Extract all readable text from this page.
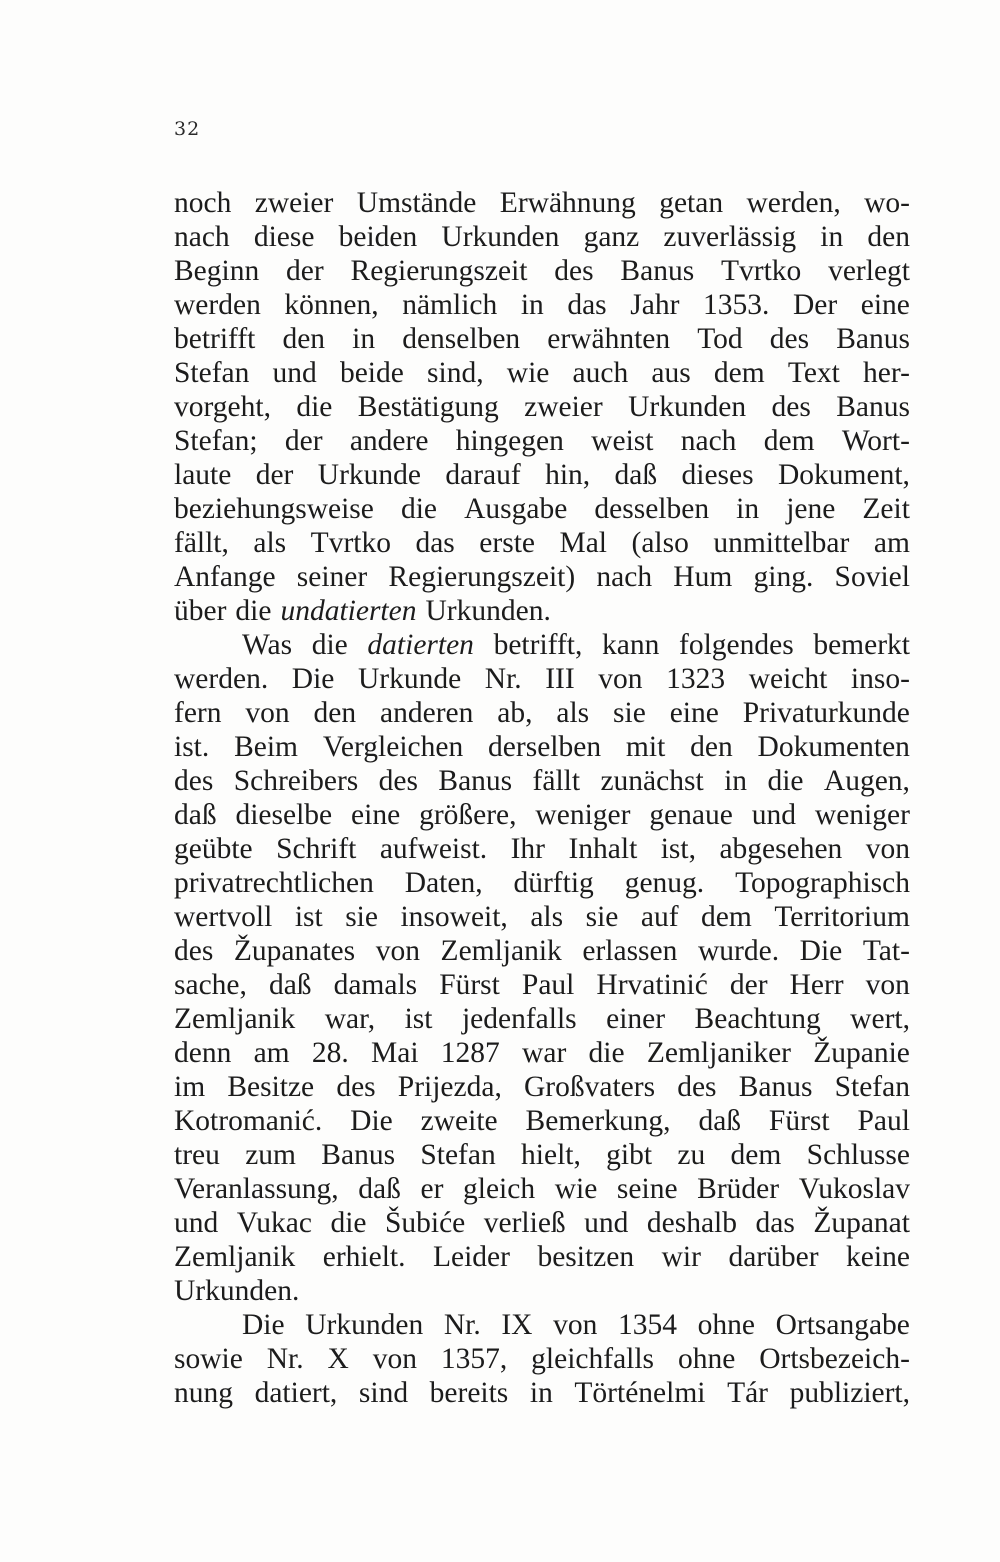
32
noch zweier Umstände Erwähnung getan werden, wo-
nach diese beiden Urkunden ganz zuverlässig in den
Beginn der Regierungszeit des Banus Tvrtko verlegt
werden können, nämlich in das Jahr 1353. Der eine
betrifft den in denselben erwähnten Tod des Banus
Stefan und beide sind, wie auch aus dem Text her-
vorgeht, die Bestätigung zweier Urkunden des Banus
Stefan; der andere hingegen weist nach dem Wort-
laute der Urkunde darauf hin, daß dieses Dokument,
beziehungsweise die Ausgabe desselben in jene Zeit
fällt, als Tvrtko das erste Mal (also unmittelbar am
Anfange seiner Regierungszeit) nach Hum ging. Soviel
über die undatierten Urkunden.
Was die datierten betrifft, kann folgendes bemerkt
werden. Die Urkunde Nr. III von 1323 weicht inso-
fern von den anderen ab, als sie eine Privaturkunde
ist. Beim Vergleichen derselben mit den Dokumenten
des Schreibers des Banus fällt zunächst in die Augen,
daß dieselbe eine größere, weniger genaue und weniger
geübte Schrift aufweist. Ihr Inhalt ist, abgesehen von
privatrechtlichen Daten, dürftig genug. Topographisch
wertvoll ist sie insoweit, als sie auf dem Territorium
des Županates von Zemljanik erlassen wurde. Die Tat-
sache, daß damals Fürst Paul Hrvatinić der Herr von
Zemljanik war, ist jedenfalls einer Beachtung wert,
denn am 28. Mai 1287 war die Zemljaniker Županie
im Besitze des Prijezda, Großvaters des Banus Stefan
Kotromanić. Die zweite Bemerkung, daß Fürst Paul
treu zum Banus Stefan hielt, gibt zu dem Schlusse
Veranlassung, daß er gleich wie seine Brüder Vukoslav
und Vukac die Šubiće verließ und deshalb das Županat
Zemljanik erhielt. Leider besitzen wir darüber keine
Urkunden.
Die Urkunden Nr. IX von 1354 ohne Ortsangabe
sowie Nr. X von 1357, gleichfalls ohne Ortsbezeich-
nung datiert, sind bereits in Történelmi Tár publiziert,
